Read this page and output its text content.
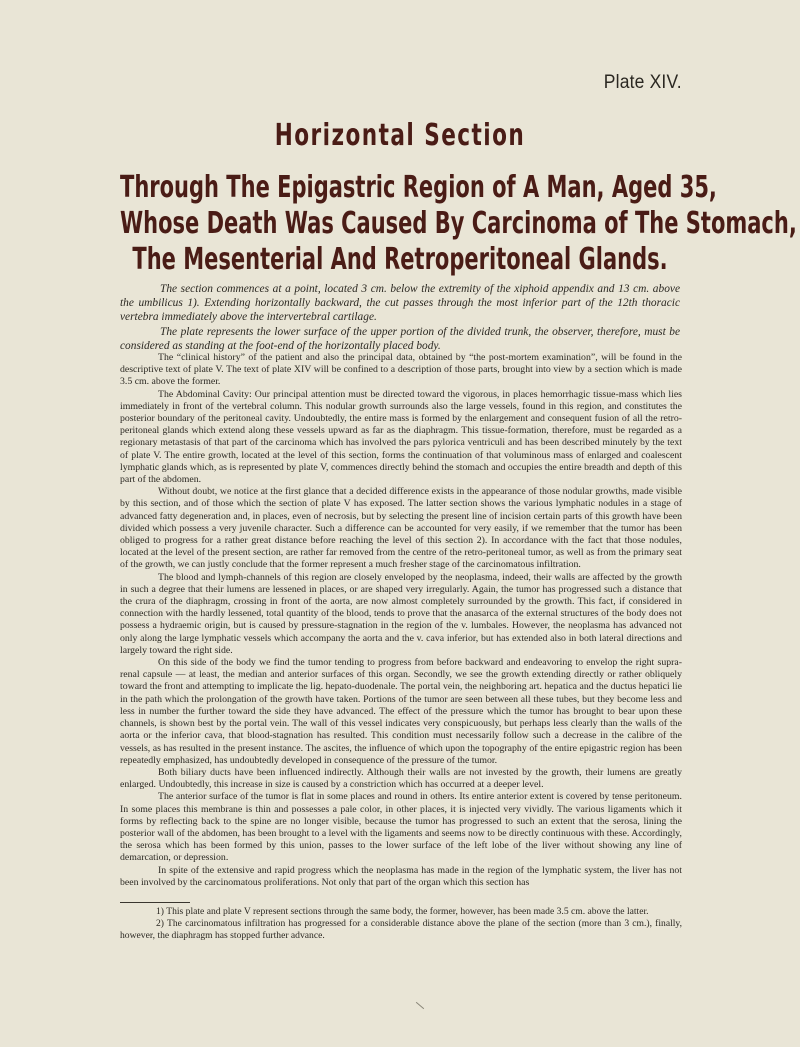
Plate XIV.
Horizontal Section
Through The Epigastric Region of A Man, Aged 35,
Whose Death Was Caused By Carcinoma of The Stomach,
The Mesenterial And Retroperitoneal Glands.

The section commences at a point, located 3 cm. below the extremity of the xiphoid appendix and 13 cm. above the umbilicus 1). Extending horizontally backward, the cut passes through the most inferior part of the 12th thoracic vertebra immediately above the intervertebral cartilage.

The plate represents the lower surface of the upper portion of the divided trunk, the observer, therefore, must be considered as standing at the foot-end of the horizontally placed body.

The “clinical history” of the patient and also the principal data, obtained by “the post-mortem examination”, will be found in the descriptive text of plate V. The text of plate XIV will be confined to a description of those parts, brought into view by a section which is made 3.5 cm. above the former.

The Abdominal Cavity: Our principal attention must be directed toward the vigorous, in places hemorrhagic tissue-mass which lies immediately in front of the vertebral column. This nodular growth surrounds also the large vessels, found in this region, and constitutes the posterior boundary of the peritoneal cavity. Undoubtedly, the entire mass is formed by the enlargement and consequent fusion of all the retro-peritoneal glands which extend along these vessels upward as far as the diaphragm. This tissue-formation, therefore, must be regarded as a regionary metastasis of that part of the carcinoma which has involved the pars pylorica ventriculi and has been described minutely by the text of plate V. The entire growth, located at the level of this section, forms the continuation of that voluminous mass of enlarged and coalescent lymphatic glands which, as is represented by plate V, commences directly behind the stomach and occupies the entire breadth and depth of this part of the abdomen.

Without doubt, we notice at the first glance that a decided difference exists in the appearance of those nodular growths, made visible by this section, and of those which the section of plate V has exposed. The latter section shows the various lymphatic nodules in a stage of advanced fatty degeneration and, in places, even of necrosis, but by selecting the present line of incision certain parts of this growth have been divided which possess a very juvenile character. Such a difference can be accounted for very easily, if we remember that the tumor has been obliged to progress for a rather great distance before reaching the level of this section 2). In accordance with the fact that those nodules, located at the level of the present section, are rather far removed from the centre of the retro-peritoneal tumor, as well as from the primary seat of the growth, we can justly conclude that the former represent a much fresher stage of the carcinomatous infiltration.

The blood and lymph-channels of this region are closely enveloped by the neoplasma, indeed, their walls are affected by the growth in such a degree that their lumens are lessened in places, or are shaped very irregularly. Again, the tumor has progressed such a distance that the crura of the diaphragm, crossing in front of the aorta, are now almost completely surrounded by the growth. This fact, if considered in connection with the hardly lessened, total quantity of the blood, tends to prove that the anasarca of the external structures of the body does not possess a hydraemic origin, but is caused by pressure-stagnation in the region of the v. lumbales. However, the neoplasma has advanced not only along the large lymphatic vessels which accompany the aorta and the v. cava inferior, but has extended also in both lateral directions and largely toward the right side.

On this side of the body we find the tumor tending to progress from before backward and endeavoring to envelop the right supra-renal capsule — at least, the median and anterior surfaces of this organ. Secondly, we see the growth extending directly or rather obliquely toward the front and attempting to implicate the lig. hepato-duodenale. The portal vein, the neighboring art. hepatica and the ductus hepatici lie in the path which the prolongation of the growth have taken. Portions of the tumor are seen between all these tubes, but they become less and less in number the further toward the side they have advanced. The effect of the pressure which the tumor has brought to bear upon these channels, is shown best by the portal vein. The wall of this vessel indicates very conspicuously, but perhaps less clearly than the walls of the aorta or the inferior cava, that blood-stagnation has resulted. This condition must necessarily follow such a decrease in the calibre of the vessels, as has resulted in the present instance. The ascites, the influence of which upon the topography of the entire epigastric region has been repeatedly emphasized, has undoubtedly developed in consequence of the pressure of the tumor.

Both biliary ducts have been influenced indirectly. Although their walls are not invested by the growth, their lumens are greatly enlarged. Undoubtedly, this increase in size is caused by a constriction which has occurred at a deeper level.

The anterior surface of the tumor is flat in some places and round in others. Its entire anterior extent is covered by tense peritoneum. In some places this membrane is thin and possesses a pale color, in other places, it is injected very vividly. The various ligaments which it forms by reflecting back to the spine are no longer visible, because the tumor has progressed to such an extent that the serosa, lining the posterior wall of the abdomen, has been brought to a level with the ligaments and seems now to be directly continuous with these. Accordingly, the serosa which has been formed by this union, passes to the lower surface of the left lobe of the liver without showing any line of demarcation, or depression.

In spite of the extensive and rapid progress which the neoplasma has made in the region of the lymphatic system, the liver has not been involved by the carcinomatous proliferations. Not only that part of the organ which this section has

1) This plate and plate V represent sections through the same body, the former, however, has been made 3.5 cm. above the latter.

2) The carcinomatous infiltration has progressed for a considerable distance above the plane of the section (more than 3 cm.), finally, however, the diaphragm has stopped further advance.
